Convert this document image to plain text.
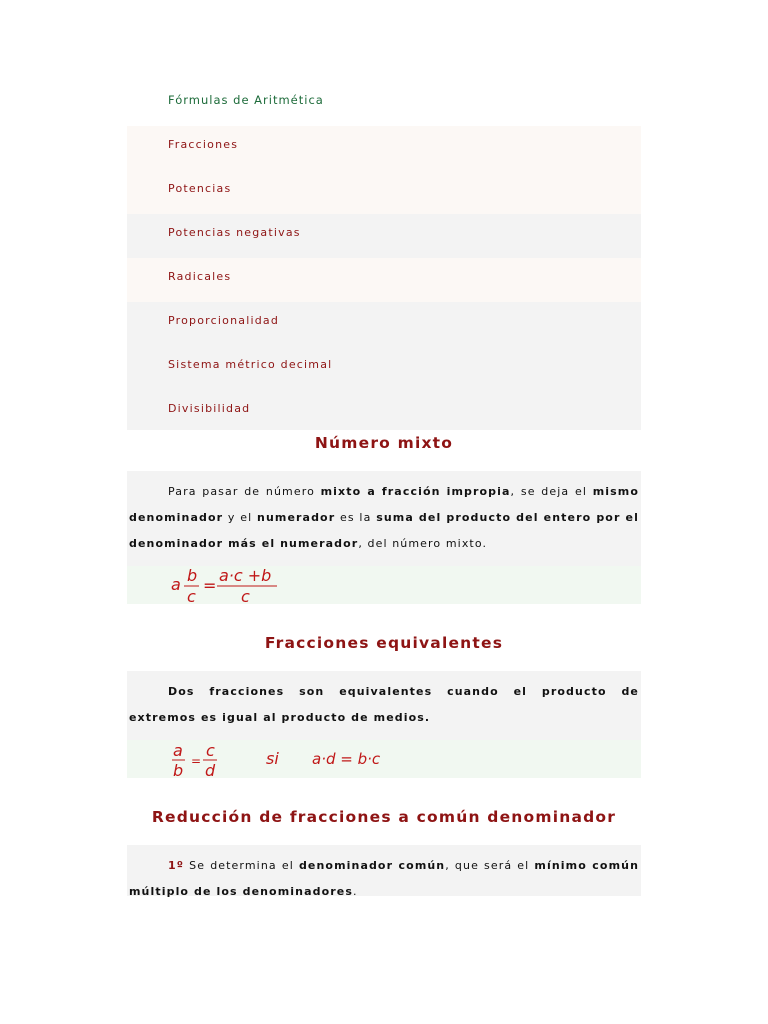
Fórmulas de Aritmética
Fracciones
Potencias
Potencias negativas
Radicales
Proporcionalidad
Sistema métrico decimal
Divisibilidad
Número mixto
Para pasar de número mixto a fracción impropia, se deja el mismo denominador y el numerador es la suma del producto del entero por el denominador más el numerador, del número mixto.
a b
c
=
a·c +b
c
Fracciones equivalentes
Dos fracciones son equivalentes cuando el producto de extremos es igual al producto de medios.
a
b =
c
d
si a·d = b·c
Reducción de fracciones a común denominador
1º Se determina el denominador común, que será el mínimo común múltiplo de los denominadores.
